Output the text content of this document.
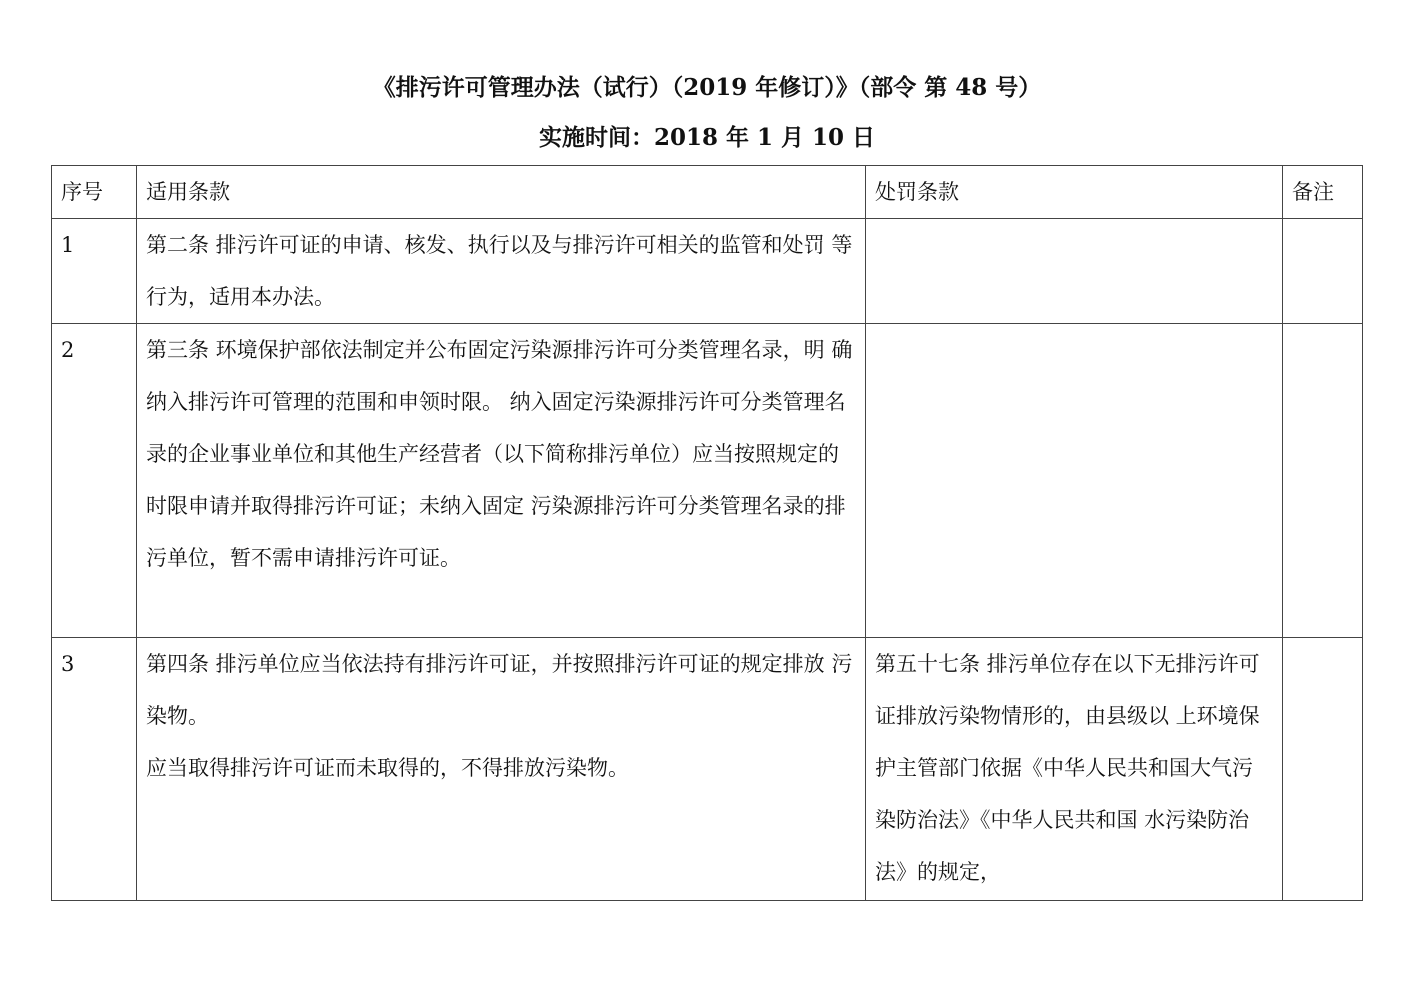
《排污许可管理办法（试行）（2019 年修订）》（部令 第 48 号）
实施时间：2018 年 1 月 10 日
序号	适用条款	处罚条款	备注
1	第二条 排污许可证的申请、核发、执行以及与排污许可相关的监管和处罚 等行为，适用本办法。		

2	第三条 环境保护部依法制定并公布固定污染源排污许可分类管理名录，明 确纳入排污许可管理的范围和申领时限。 纳入固定污染源排污许可分类管理名录的企业事业单位和其他生产经营者（以下简称排污单位）应当按照规定的时限申请并取得排污许可证；未纳入固定 污染源排污许可分类管理名录的排污单位，暂不需申请排污许可证。		

3	第四条 排污单位应当依法持有排污许可证，并按照排污许可证的规定排放 污染物。
应当取得排污许可证而未取得的，不得排放污染物。	第五十七条 排污单位存在以下无排污许可证排放污染物情形的，由县级以 上环境保护主管部门依据《中华人民共和国大气污染防治法》《中华人民共和国 水污染防治法》的规定，	
